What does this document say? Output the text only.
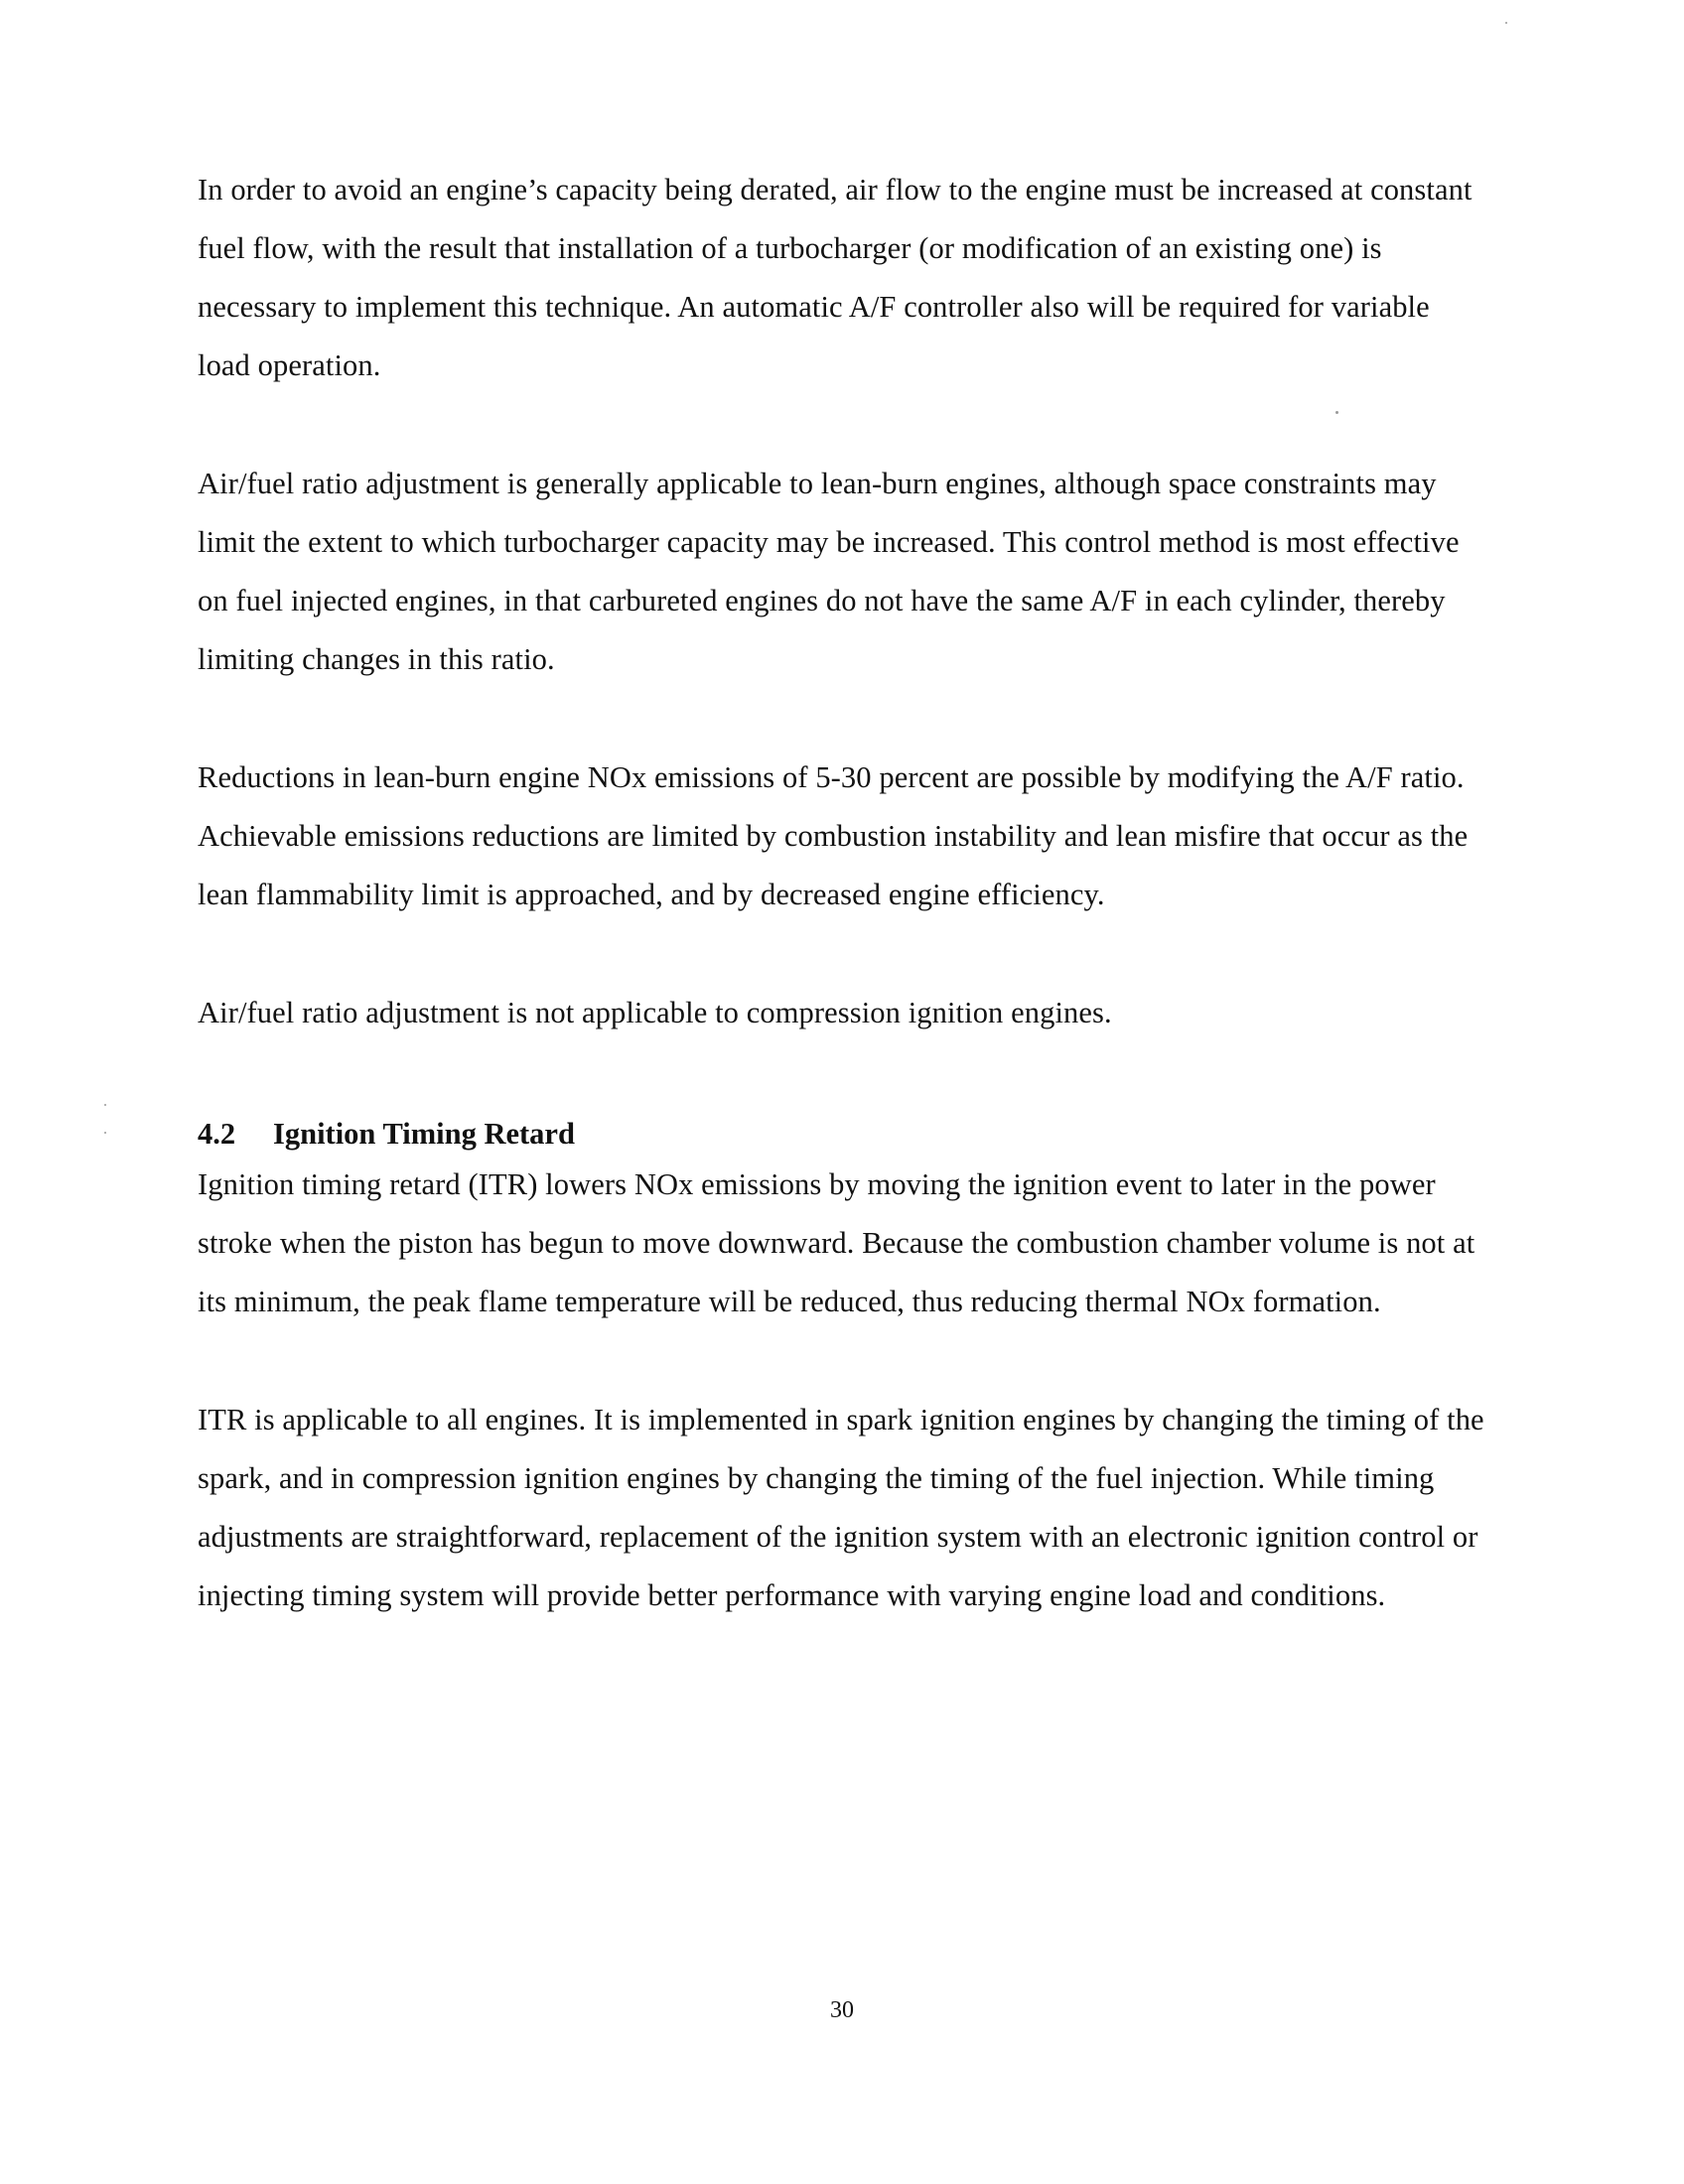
In order to avoid an engine’s capacity being derated, air flow to the engine must be increased at constant fuel flow, with the result that installation of a turbocharger (or modification of an existing one) is necessary to implement this technique. An automatic A/F controller also will be required for variable load operation.

Air/fuel ratio adjustment is generally applicable to lean-burn engines, although space constraints may limit the extent to which turbocharger capacity may be increased. This control method is most effective on fuel injected engines, in that carbureted engines do not have the same A/F in each cylinder, thereby limiting changes in this ratio.

Reductions in lean-burn engine NOx emissions of 5-30 percent are possible by modifying the A/F ratio. Achievable emissions reductions are limited by combustion instability and lean misfire that occur as the lean flammability limit is approached, and by decreased engine efficiency.

Air/fuel ratio adjustment is not applicable to compression ignition engines.

4.2 Ignition Timing Retard

Ignition timing retard (ITR) lowers NOx emissions by moving the ignition event to later in the power stroke when the piston has begun to move downward. Because the combustion chamber volume is not at its minimum, the peak flame temperature will be reduced, thus reducing thermal NOx formation.

ITR is applicable to all engines. It is implemented in spark ignition engines by changing the timing of the spark, and in compression ignition engines by changing the timing of the fuel injection. While timing adjustments are straightforward, replacement of the ignition system with an electronic ignition control or injecting timing system will provide better performance with varying engine load and conditions.

30
